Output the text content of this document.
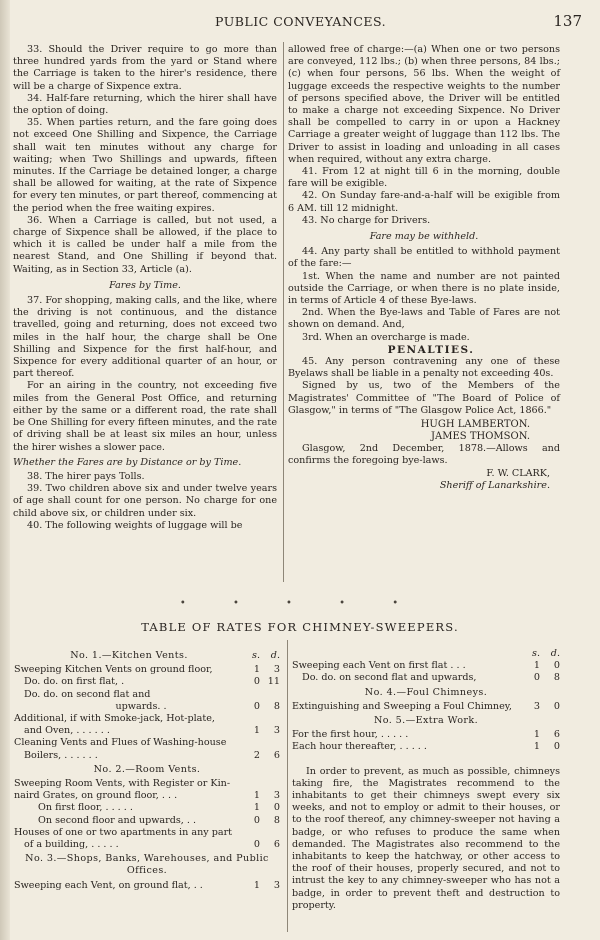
PUBLIC CONVEYANCES.	137

33. Should the Driver require to go more than three hundred yards from the yard or Stand where the Carriage is taken to the hirer's residence, there will be a charge of Sixpence extra.

34. Half-fare returning, which the hirer shall have the option of doing.

35. When parties return, and the fare going does not exceed One Shilling and Sixpence, the Carriage shall wait ten minutes without any charge for waiting; when Two Shillings and upwards, fifteen minutes. If the Carriage be detained longer, a charge shall be allowed for waiting, at the rate of Sixpence for every ten minutes, or part thereof, commencing at the period when the free waiting expires.

36. When a Carriage is called, but not used, a charge of Sixpence shall be allowed, if the place to which it is called be under half a mile from the nearest Stand, and One Shilling if beyond that. Waiting, as in Section 33, Article (a).

Fares by Time.

37. For shopping, making calls, and the like, where the driving is not continuous, and the distance travelled, going and returning, does not exceed two miles in the half hour, the charge shall be One Shilling and Sixpence for the first half-hour, and Sixpence for every additional quarter of an hour, or part thereof.

For an airing in the country, not exceeding five miles from the General Post Office, and returning either by the same or a different road, the rate shall be One Shilling for every fifteen minutes, and the rate of driving shall be at least six miles an hour, unless the hirer wishes a slower pace.

Whether the Fares are by Distance or by Time.

38. The hirer pays Tolls.

39. Two children above six and under twelve years of age shall count for one person. No charge for one child above six, or children under six.

40. The following weights of luggage will be

allowed free of charge:—(a) When one or two persons are conveyed, 112 lbs.; (b) when three persons, 84 lbs.; (c) when four persons, 56 lbs. When the weight of luggage exceeds the respective weights to the number of persons specified above, the Driver will be entitled to make a charge not exceeding Sixpence. No Driver shall be compelled to carry in or upon a Hackney Carriage a greater weight of luggage than 112 lbs. The Driver to assist in loading and unloading in all cases when required, without any extra charge.

41. From 12 at night till 6 in the morning, double fare will be exigible.

42. On Sunday fare-and-a-half will be exigible from 6 AM. till 12 midnight.

43. No charge for Drivers.

Fare may be withheld.

44. Any party shall be entitled to withhold payment of the fare:—

1st. When the name and number are not painted outside the Carriage, or when there is no plate inside, in terms of Article 4 of these Bye-laws.

2nd. When the Bye-laws and Table of Fares are not shown on demand. And,

3rd. When an overcharge is made.

PENALTIES.

45. Any person contravening any one of these Byelaws shall be liable in a penalty not exceeding 40s.

Signed by us, two of the Members of the Magistrates' Committee of "The Board of Police of Glasgow," in terms of "The Glasgow Police Act, 1866."

HUGH LAMBERTON.
JAMES THOMSON.

Glasgow, 2nd December, 1878.—Allows and confirms the foregoing bye-laws.

F. W. CLARK,
Sheriff of Lanarkshire.
• • • • •
TABLE OF RATES FOR CHIMNEY-SWEEPERS.
No. 1.—Kitchen Vents.	s.	d.
Sweeping Kitchen Vents on ground floor,	1	3
Do. do. on first flat, .	0 11
Do. do. on second flat and
upwards. .	0	8
Additional, if with Smoke-jack, Hot-plate,
and Oven, . . . . . .	1	3
Cleaning Vents and Flues of Washing-house
Boilers, . . . . . .	2	6
No. 2.—Room Vents.
Sweeping Room Vents, with Register or Kin-
naird Grates, on ground floor, . . .	1	3
On first floor, . . . . .	1	0
On second floor and upwards, . .	0	8
Houses of one or two apartments in any part
of a building, . . . . .	0	6
No. 3.—Shops, Banks, Warehouses, and Public Offices.
Sweeping each Vent, on ground flat, . .	1	3
s.	d.
Sweeping each Vent on first flat . . .	1	0
Do. do. on second flat and upwards,	0	8
No. 4.—Foul Chimneys.
Extinguishing and Sweeping a Foul Chimney,	3	0
No. 5.—Extra Work.
For the first hour, . . . . .	1	6
Each hour thereafter, . . . . .	1	0

In order to prevent, as much as possible, chimneys taking fire, the Magistrates recommend to the inhabitants to get their chimneys swept every six weeks, and not to employ or admit to their houses, or to the roof thereof, any chimney-sweeper not having a badge, or who refuses to produce the same when demanded. The Magistrates also recommend to the inhabitants to keep the hatchway, or other access to the roof of their houses, properly secured, and not to intrust the key to any chimney-sweeper who has not a badge, in order to prevent theft and destruction to property.
